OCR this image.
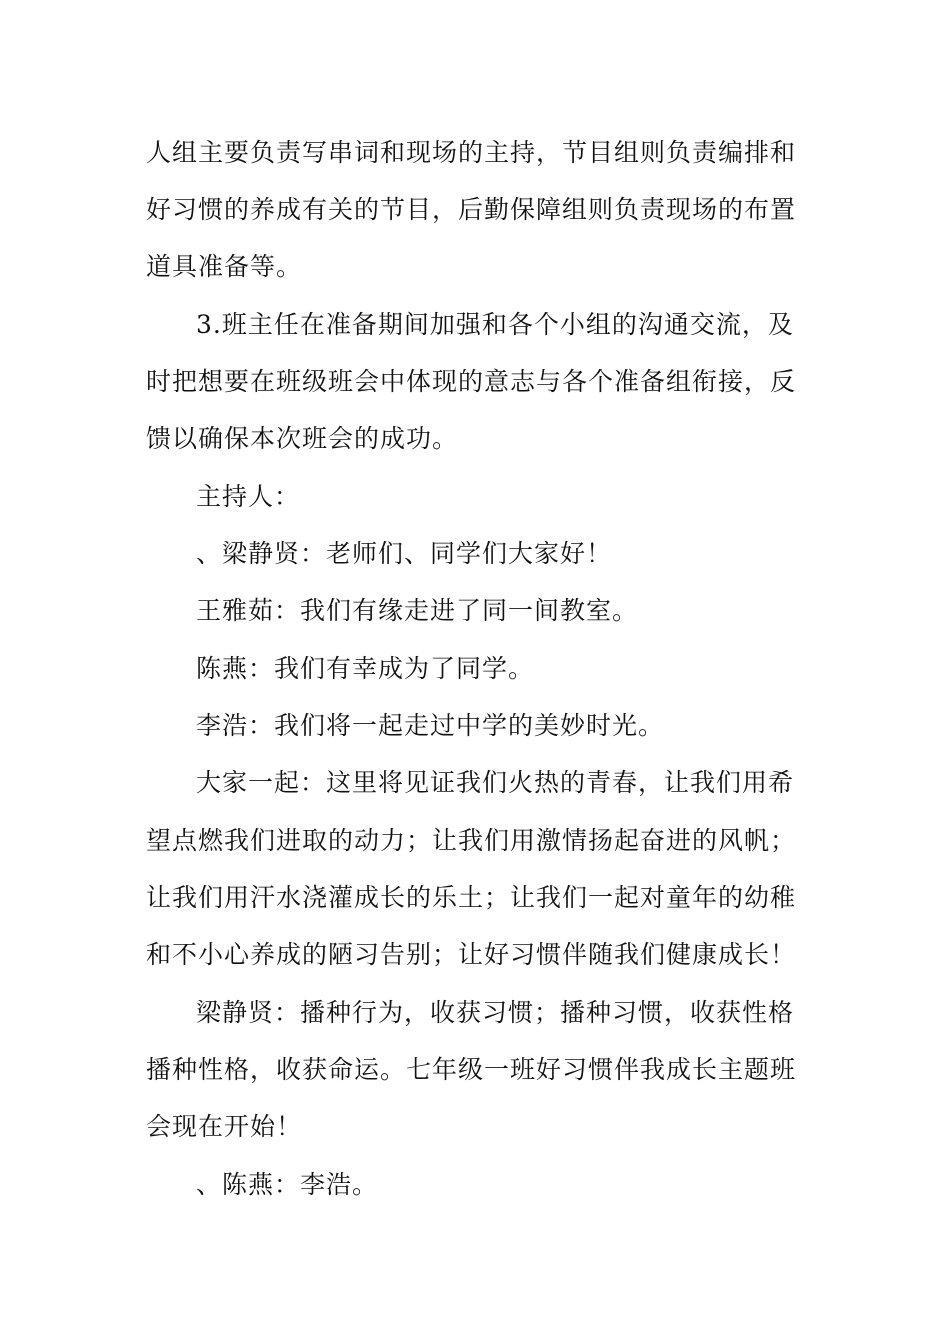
人组主要负责写串词和现场的主持，节目组则负责编排和
好习惯的养成有关的节目，后勤保障组则负责现场的布置
道具准备等。
3.班主任在准备期间加强和各个小组的沟通交流，及
时把想要在班级班会中体现的意志与各个准备组衔接，反
馈以确保本次班会的成功。
主持人：
、梁静贤：老师们、同学们大家好！
王雅茹：我们有缘走进了同一间教室。
陈燕：我们有幸成为了同学。
李浩：我们将一起走过中学的美妙时光。
大家一起：这里将见证我们火热的青春，让我们用希
望点燃我们进取的动力；让我们用激情扬起奋进的风帆；
让我们用汗水浇灌成长的乐土；让我们一起对童年的幼稚
和不小心养成的陋习告别；让好习惯伴随我们健康成长！
梁静贤：播种行为，收获习惯；播种习惯，收获性格
播种性格，收获命运。七年级一班好习惯伴我成长主题班
会现在开始！
、陈燕：李浩。
